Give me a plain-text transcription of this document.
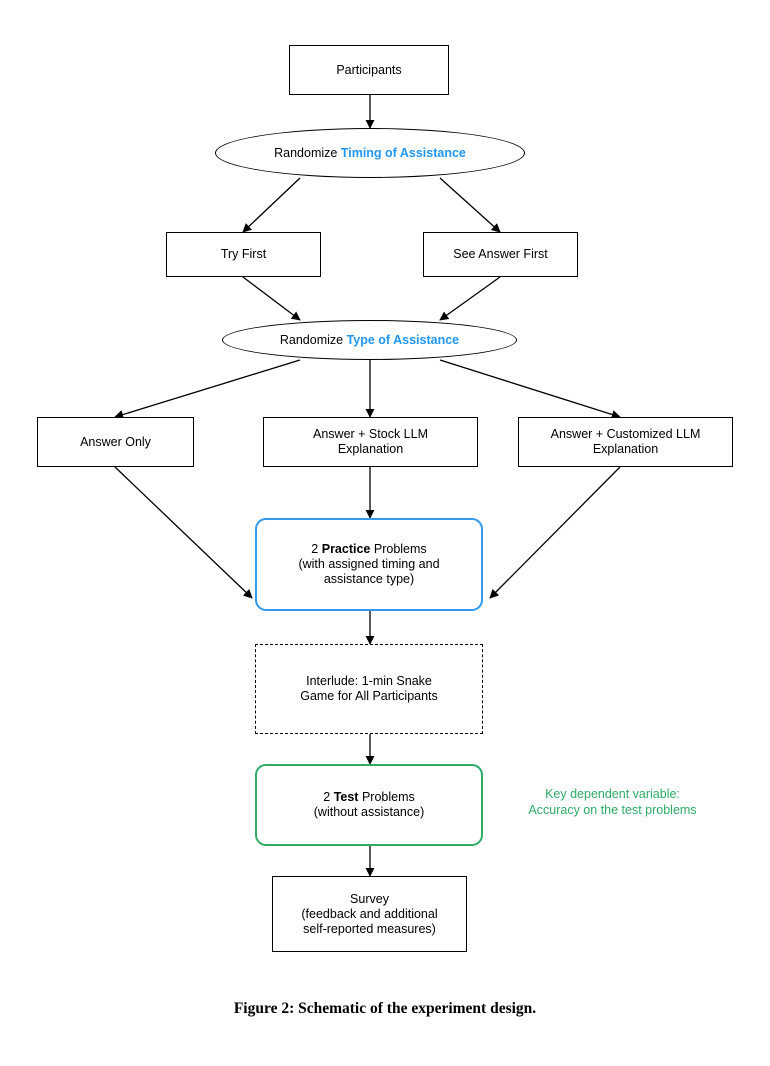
Participants
Randomize Timing of Assistance
Try First	See Answer First
Randomize Type of Assistance
Answer Only
Answer + Stock LLM
Explanation
Answer + Customized LLM
Explanation
2 Practice Problems
(with assigned timing and
assistance type)
Interlude: 1-min Snake
Game for All Participants
2 Test Problems
(without assistance)
Key dependent variable:
Accuracy on the test problems
Survey
(feedback and additional
self-reported measures)
Figure 2: Schematic of the experiment design.
